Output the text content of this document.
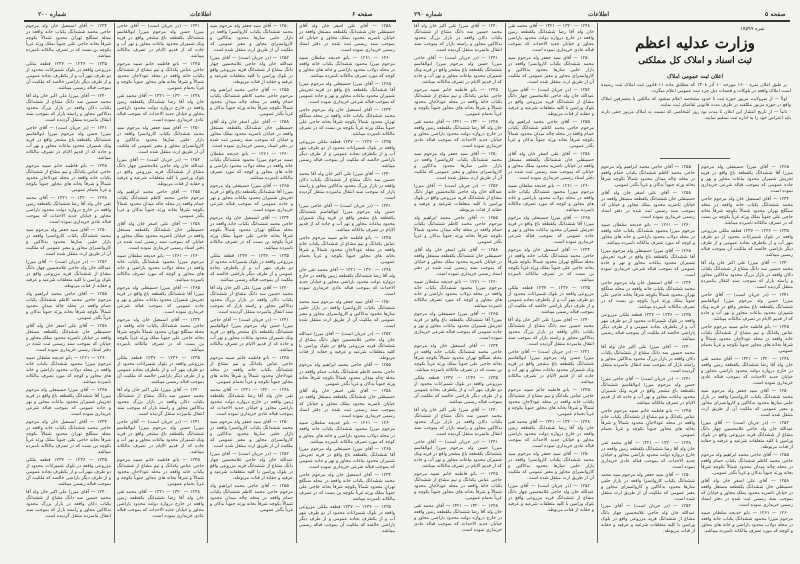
شماره ۲۰۰	اطلاعات	صفحه ۶	شماره ۲۹۰	اطلاعات	صفحه ۵

۱۲۳۴ — آقای اسمعیل خان ولد مرحوم حاجی محمد ششدانگ یکباب خانه واقعه در محله سنگلج تهران محدود شمالاً بکوچه شرقاً بخانه حاجی علی جنوباً بملک ورثه غرباً بکوچه بن بست که در تصرف مالکانه نامبرده میباشد.

۱۲۳۵ — ۱۲۳۶ — ۱۲۳۷ قطعه ملکی مزروعی واقعه در بلوک شمیرانات محدود از دو طرف بنهر آب و از یکطرف بجاده عمومی و از طرف دیگر باراضی خالصه که ملکیت آن بموجب قباله رسمی میباشد.

۱۲۴۰ — آقای میرزا علی اکبر خان ولد آقا محمد حسین سه دانگ مشاع از ششدانگ یکباب دکان واقعه در بازار بزرگ محدود بدکاکین مجاور و راسته بازار که بموجب سند انتقال بنامبرده منتقل گردیده است.

۱۲۴۱ — (در جریان است) — آقای حاجی میرزا حسن ولد مرحوم میرزا ابوالقاسم ششدانگ یکقطعه باغ مشجر واقع در قریه ونک شمیران محدود بباغات مجاور و نهر آب و جاده که از قدیم الایام در تصرف مالکانه میباشد.

۱۲۴۵ — بانو فاطمه خانم صبیه مرحوم حاجی عباس یکدانگ و نیم مشاع از ششدانگ یکباب خانه واقعه در محله عودلاجان محدود شمالاً و شرقاً بخانه های مجاور جنوباً بکوچه و غرباً بحمام عمومی.

۱۲۴۸ — ۱۳۲۰ — ۱۳۲۱ — آقای محمد تقی خان ولد آقا رضا ششدانگ یکقطعه زمین واقعه در خارج دروازه دولت محدود باراضی مجاور و خیابان جدید الاحداث که بموجب قباله عادی خریداری نموده است.

۱۲۵۰ — آقای سید جعفر ولد مرحوم سید محمد ششدانگ یکباب کاروانسرا واقعه در بازار حلبی سازها محدود بدکاکین و کاروانسرای مجاور و معبر عمومی که ملکیت آن از طریق ارث منتقل شده است.

۱۲۵۲ — (در جریان است) — آقای میرزا عبدالله خان ولد حاجی غلامحسین چهار دانگ مشاع از ششدانگ قریه مزروعی واقع در بلوک ورامین با کلیه متعلقات شرعیه و عرفیه و حقابه از قنات مربوطه.

۱۲۵۵ — آقای حاجی محمد ابراهیم ولد مرحوم حاجی محمد کاظم ششدانگ یکباب حمام واقعه در محله چاله میدان محدود شمالاً بکوچه شرقاً بخانه ورثه جنوباً بدکان و غرباً بگذر عمومی.

۱۲۵۸ — آقای علی اصغر خان ولد آقای حسینقلی خان ششدانگ یکقطعه مستغل واقعه در خیابان ناصریه محدود بملک مجاور و خیابان که بموجب سند رسمی ثبت شده در دفتر اسناد رسمی خریداری نموده است.

۱۲۶۰ — ۱۲۶۱ — بانو خدیجه سلطان صبیه مرحوم میرزا محمود ششدانگ یکباب خانه واقعه در محله دولاب محدود باراضی و خانه های مجاور و کوچه که مورد تصرف مالکانه نامبرده میباشد.

۱۲۶۵ — آقای میرزا حسینعلی ولد مرحوم میرزا آقا ششدانگ یکقطعه باغ واقع در قریه تجریش شمیران محدود بباغات مجاور و نهر و جاده عمومی که بموجب قباله شرعی خریداری نموده است.

۱۲۳۴ — آقای اسمعیل خان ولد مرحوم حاجی محمد ششدانگ یکباب خانه واقعه در محله سنگلج تهران محدود شمالاً بکوچه شرقاً بخانه حاجی علی جنوباً بملک ورثه غرباً بکوچه بن بست که در تصرف مالکانه نامبرده میباشد.

۱۲۳۵ — ۱۲۳۶ — ۱۲۳۷ قطعه ملکی مزروعی واقعه در بلوک شمیرانات محدود از دو طرف بنهر آب و از یکطرف بجاده عمومی و از طرف دیگر باراضی خالصه که ملکیت آن بموجب قباله رسمی میباشد.

۱۲۴۰ — آقای میرزا علی اکبر خان ولد آقا محمد حسین سه دانگ مشاع از ششدانگ یکباب دکان واقعه در بازار بزرگ محدود بدکاکین مجاور و راسته بازار که بموجب سند انتقال بنامبرده منتقل گردیده است.

۱۲۴۱ — (در جریان است) — آقای حاجی میرزا حسن ولد مرحوم میرزا ابوالقاسم ششدانگ یکقطعه باغ مشجر واقع در قریه ونک شمیران محدود بباغات مجاور و نهر آب و جاده که از قدیم الایام در تصرف مالکانه میباشد.

۱۲۴۵ — بانو فاطمه خانم صبیه مرحوم حاجی عباس یکدانگ و نیم مشاع از ششدانگ یکباب خانه واقعه در محله عودلاجان محدود شمالاً و شرقاً بخانه های مجاور جنوباً بکوچه و غرباً بحمام عمومی.

۱۲۴۸ — ۱۳۲۰ — ۱۳۲۱ — آقای محمد تقی خان ولد آقا رضا ششدانگ یکقطعه زمین واقعه در خارج دروازه دولت محدود باراضی مجاور و خیابان جدید الاحداث که بموجب قباله عادی خریداری نموده است.

۱۲۵۰ — آقای سید جعفر ولد مرحوم سید محمد ششدانگ یکباب کاروانسرا واقعه در بازار حلبی سازها محدود بدکاکین و کاروانسرای مجاور و معبر عمومی که ملکیت آن از طریق ارث منتقل شده است.

۱۲۵۲ — (در جریان است) — آقای میرزا عبدالله خان ولد حاجی غلامحسین چهار دانگ مشاع از ششدانگ قریه مزروعی واقع در بلوک ورامین با کلیه متعلقات شرعیه و عرفیه و حقابه از قنات مربوطه.

۱۲۵۵ — آقای حاجی محمد ابراهیم ولد مرحوم حاجی محمد کاظم ششدانگ یکباب حمام واقعه در محله چاله میدان محدود شمالاً بکوچه شرقاً بخانه ورثه جنوباً بدکان و غرباً بگذر عمومی.

۱۲۵۸ — آقای علی اصغر خان ولد آقای حسینقلی خان ششدانگ یکقطعه مستغل واقعه در خیابان ناصریه محدود بملک مجاور و خیابان که بموجب سند رسمی ثبت شده در دفتر اسناد رسمی خریداری نموده است.

۱۲۶۰ — ۱۲۶۱ — بانو خدیجه سلطان صبیه مرحوم میرزا محمود ششدانگ یکباب خانه واقعه در محله دولاب محدود باراضی و خانه های مجاور و کوچه که مورد تصرف مالکانه نامبرده میباشد.

۱۲۶۵ — آقای میرزا حسینعلی ولد مرحوم میرزا آقا ششدانگ یکقطعه باغ واقع در قریه تجریش شمیران محدود بباغات مجاور و نهر و جاده عمومی که بموجب قباله شرعی خریداری نموده است.

۱۲۳۴ — آقای اسمعیل خان ولد مرحوم حاجی محمد ششدانگ یکباب خانه واقعه در محله سنگلج تهران محدود شمالاً بکوچه شرقاً بخانه حاجی علی جنوباً بملک ورثه غرباً بکوچه بن بست که در تصرف مالکانه نامبرده میباشد.

۱۲۳۵ — ۱۲۳۶ — ۱۲۳۷ قطعه ملکی مزروعی واقعه در بلوک شمیرانات محدود از دو طرف بنهر آب و از یکطرف بجاده عمومی و از طرف دیگر باراضی خالصه که ملکیت آن بموجب قباله رسمی میباشد.

۱۲۴۰ — آقای میرزا علی اکبر خان ولد آقا محمد حسین سه دانگ مشاع از ششدانگ یکباب دکان واقعه در بازار بزرگ محدود بدکاکین مجاور و راسته بازار که بموجب سند انتقال بنامبرده منتقل گردیده است.

۱۲۴۱ — (در جریان است) — آقای حاجی میرزا حسن ولد مرحوم میرزا ابوالقاسم ششدانگ یکقطعه باغ مشجر واقع در قریه ونک شمیران محدود بباغات مجاور و نهر آب و جاده که از قدیم الایام در تصرف مالکانه میباشد.

۱۲۴۵ — بانو فاطمه خانم صبیه مرحوم حاجی عباس یکدانگ و نیم مشاع از ششدانگ یکباب خانه واقعه در محله عودلاجان محدود شمالاً و شرقاً بخانه های مجاور جنوباً بکوچه و غرباً بحمام عمومی.

۱۲۴۸ — ۱۳۲۰ — ۱۳۲۱ — آقای محمد تقی خان ولد آقا رضا ششدانگ یکقطعه زمین واقعه در خارج دروازه دولت محدود باراضی مجاور و خیابان جدید الاحداث که بموجب قباله عادی خریداری نموده است.

۱۲۵۰ — آقای سید جعفر ولد مرحوم سید محمد ششدانگ یکباب کاروانسرا واقعه در بازار حلبی سازها محدود بدکاکین و کاروانسرای مجاور و معبر عمومی که ملکیت آن از طریق ارث منتقل شده است.

۱۲۵۲ — (در جریان است) — آقای میرزا عبدالله خان ولد حاجی غلامحسین چهار دانگ مشاع از ششدانگ قریه مزروعی واقع در بلوک ورامین با کلیه متعلقات شرعیه و عرفیه و حقابه از قنات مربوطه.

۱۲۵۵ — آقای حاجی محمد ابراهیم ولد مرحوم حاجی محمد کاظم ششدانگ یکباب حمام واقعه در محله چاله میدان محدود شمالاً بکوچه شرقاً بخانه ورثه جنوباً بدکان و غرباً بگذر عمومی.

۱۲۵۸ — آقای علی اصغر خان ولد آقای حسینقلی خان ششدانگ یکقطعه مستغل واقعه در خیابان ناصریه محدود بملک مجاور و خیابان که بموجب سند رسمی ثبت شده در دفتر اسناد رسمی خریداری نموده است.

۱۲۶۰ — ۱۲۶۱ — بانو خدیجه سلطان صبیه مرحوم میرزا محمود ششدانگ یکباب خانه واقعه در محله دولاب محدود باراضی و خانه های مجاور و کوچه که مورد تصرف مالکانه نامبرده میباشد.

۱۲۶۵ — آقای میرزا حسینعلی ولد مرحوم میرزا آقا ششدانگ یکقطعه باغ واقع در قریه تجریش شمیران محدود بباغات مجاور و نهر و جاده عمومی که بموجب قباله شرعی خریداری نموده است.

۱۲۳۴ — آقای اسمعیل خان ولد مرحوم حاجی محمد ششدانگ یکباب خانه واقعه در محله سنگلج تهران محدود شمالاً بکوچه شرقاً بخانه حاجی علی جنوباً بملک ورثه غرباً بکوچه بن بست که در تصرف مالکانه نامبرده میباشد.

۱۲۳۵ — ۱۲۳۶ — ۱۲۳۷ قطعه ملکی مزروعی واقعه در بلوک شمیرانات محدود از دو طرف بنهر آب و از یکطرف بجاده عمومی و از طرف دیگر باراضی خالصه که ملکیت آن بموجب قباله رسمی میباشد.

۱۲۴۰ — آقای میرزا علی اکبر خان ولد آقا محمد حسین سه دانگ مشاع از ششدانگ یکباب دکان واقعه در بازار بزرگ محدود بدکاکین مجاور و راسته بازار که بموجب سند انتقال بنامبرده منتقل گردیده است.

۱۲۴۱ — (در جریان است) — آقای حاجی میرزا حسن ولد مرحوم میرزا ابوالقاسم ششدانگ یکقطعه باغ مشجر واقع در قریه ونک شمیران محدود بباغات مجاور و نهر آب و جاده که از قدیم الایام در تصرف مالکانه میباشد.

۱۲۴۵ — بانو فاطمه خانم صبیه مرحوم حاجی عباس یکدانگ و نیم مشاع از ششدانگ یکباب خانه واقعه در محله عودلاجان محدود شمالاً و شرقاً بخانه های مجاور جنوباً بکوچه و غرباً بحمام عمومی.

۱۲۴۸ — ۱۳۲۰ — ۱۳۲۱ — آقای محمد تقی خان ولد آقا رضا ششدانگ یکقطعه زمین واقعه در خارج دروازه دولت محدود باراضی مجاور و خیابان جدید الاحداث که بموجب قباله عادی خریداری نموده است.

۱۲۵۰ — آقای سید جعفر ولد مرحوم سید محمد ششدانگ یکباب کاروانسرا واقعه در بازار حلبی سازها محدود بدکاکین و کاروانسرای مجاور و معبر عمومی که ملکیت آن از طریق ارث منتقل شده است.

۱۲۵۲ — (در جریان است) — آقای میرزا عبدالله خان ولد حاجی غلامحسین چهار دانگ مشاع از ششدانگ قریه مزروعی واقع در بلوک ورامین با کلیه متعلقات شرعیه و عرفیه و حقابه از قنات مربوطه.

۱۲۵۵ — آقای حاجی محمد ابراهیم ولد مرحوم حاجی محمد کاظم ششدانگ یکباب حمام واقعه در محله چاله میدان محدود شمالاً بکوچه شرقاً بخانه ورثه جنوباً بدکان و غرباً بگذر عمومی.

۱۲۵۸ — آقای علی اصغر خان ولد آقای حسینقلی خان ششدانگ یکقطعه مستغل واقعه در خیابان ناصریه محدود بملک مجاور و خیابان که بموجب سند رسمی ثبت شده در دفتر اسناد رسمی خریداری نموده است.

۱۲۶۰ — ۱۲۶۱ — بانو خدیجه سلطان صبیه مرحوم میرزا محمود ششدانگ یکباب خانه واقعه در محله دولاب محدود باراضی و خانه های مجاور و کوچه که مورد تصرف مالکانه نامبرده میباشد.

۱۲۶۵ — آقای میرزا حسینعلی ولد مرحوم میرزا آقا ششدانگ یکقطعه باغ واقع در قریه تجریش شمیران محدود بباغات مجاور و نهر و جاده عمومی که بموجب قباله شرعی خریداری نموده است.

۱۲۳۴ — آقای اسمعیل خان ولد مرحوم حاجی محمد ششدانگ یکباب خانه واقعه در محله سنگلج تهران محدود شمالاً بکوچه شرقاً بخانه حاجی علی جنوباً بملک ورثه غرباً بکوچه بن بست که در تصرف مالکانه نامبرده میباشد.

۱۲۳۵ — ۱۲۳۶ — ۱۲۳۷ قطعه ملکی مزروعی واقعه در بلوک شمیرانات محدود از دو طرف بنهر آب و از یکطرف بجاده عمومی و از طرف دیگر باراضی خالصه که ملکیت آن بموجب قباله رسمی میباشد.

۱۲۴۰ — آقای میرزا علی اکبر خان ولد آقا محمد حسین سه دانگ مشاع از ششدانگ یکباب دکان واقعه در بازار بزرگ محدود بدکاکین مجاور و راسته بازار که بموجب سند انتقال بنامبرده منتقل گردیده است.

۱۲۴۱ — (در جریان است) — آقای حاجی میرزا حسن ولد مرحوم میرزا ابوالقاسم ششدانگ یکقطعه باغ مشجر واقع در قریه ونک شمیران محدود بباغات مجاور و نهر آب و جاده که از قدیم الایام در تصرف مالکانه میباشد.

۱۲۴۵ — بانو فاطمه خانم صبیه مرحوم حاجی عباس یکدانگ و نیم مشاع از ششدانگ یکباب خانه واقعه در محله عودلاجان محدود شمالاً و شرقاً بخانه های مجاور جنوباً بکوچه و غرباً بحمام عمومی.

۱۲۴۸ — ۱۳۲۰ — ۱۳۲۱ — آقای محمد تقی خان ولد آقا رضا ششدانگ یکقطعه زمین واقعه در خارج دروازه دولت محدود باراضی مجاور و خیابان جدید الاحداث که بموجب قباله عادی خریداری نموده است.

۱۲۵۰ — آقای سید جعفر ولد مرحوم سید محمد ششدانگ یکباب کاروانسرا واقعه در بازار حلبی سازها محدود بدکاکین و کاروانسرای مجاور و معبر عمومی که ملکیت آن از طریق ارث منتقل شده است.

۱۲۵۲ — (در جریان است) — آقای میرزا عبدالله خان ولد حاجی غلامحسین چهار دانگ مشاع از ششدانگ قریه مزروعی واقع در بلوک ورامین با کلیه متعلقات شرعیه و عرفیه و حقابه از قنات مربوطه.

۱۲۵۵ — آقای حاجی محمد ابراهیم ولد مرحوم حاجی محمد کاظم ششدانگ یکباب حمام واقعه در محله چاله میدان محدود شمالاً بکوچه شرقاً بخانه ورثه جنوباً بدکان و غرباً بگذر عمومی.

۱۲۵۸ — آقای علی اصغر خان ولد آقای حسینقلی خان ششدانگ یکقطعه مستغل واقعه در خیابان ناصریه محدود بملک مجاور و خیابان که بموجب سند رسمی ثبت شده در دفتر اسناد رسمی خریداری نموده است.

۱۲۶۰ — ۱۲۶۱ — بانو خدیجه سلطان صبیه مرحوم میرزا محمود ششدانگ یکباب خانه واقعه در محله دولاب محدود باراضی و خانه های مجاور و کوچه که مورد تصرف مالکانه نامبرده میباشد.

۱۲۶۵ — آقای میرزا حسینعلی ولد مرحوم میرزا آقا ششدانگ یکقطعه باغ واقع در قریه تجریش شمیران محدود بباغات مجاور و نهر و جاده عمومی که بموجب قباله شرعی خریداری نموده است.

۱۲۳۴ — آقای اسمعیل خان ولد مرحوم حاجی محمد ششدانگ یکباب خانه واقعه در محله سنگلج تهران محدود شمالاً بکوچه شرقاً بخانه حاجی علی جنوباً بملک ورثه غرباً بکوچه بن بست که در تصرف مالکانه نامبرده میباشد.

۱۲۳۵ — ۱۲۳۶ — ۱۲۳۷ قطعه ملکی مزروعی واقعه در بلوک شمیرانات محدود از دو طرف بنهر آب و از یکطرف بجاده عمومی و از طرف دیگر باراضی خالصه که ملکیت آن بموجب قباله رسمی میباشد.

۱۲۴۰ — آقای میرزا علی اکبر خان ولد آقا محمد حسین سه دانگ مشاع از ششدانگ یکباب دکان واقعه در بازار بزرگ محدود بدکاکین مجاور و راسته بازار که بموجب سند انتقال بنامبرده منتقل گردیده است.

۱۲۴۱ — (در جریان است) — آقای حاجی میرزا حسن ولد مرحوم میرزا ابوالقاسم ششدانگ یکقطعه باغ مشجر واقع در قریه ونک شمیران محدود بباغات مجاور و نهر آب و جاده که از قدیم الایام در تصرف مالکانه میباشد.

۱۲۴۵ — بانو فاطمه خانم صبیه مرحوم حاجی عباس یکدانگ و نیم مشاع از ششدانگ یکباب خانه واقعه در محله عودلاجان محدود شمالاً و شرقاً بخانه های مجاور جنوباً بکوچه و غرباً بحمام عمومی.

۱۲۴۸ — ۱۳۲۰ — ۱۳۲۱ — آقای محمد تقی خان ولد آقا رضا ششدانگ یکقطعه زمین واقعه در خارج دروازه دولت محدود باراضی مجاور و خیابان جدید الاحداث که بموجب قباله عادی خریداری نموده است.

۱۲۵۰ — آقای سید جعفر ولد مرحوم سید محمد ششدانگ یکباب کاروانسرا واقعه در بازار حلبی سازها محدود بدکاکین و کاروانسرای مجاور و معبر عمومی که ملکیت آن از طریق ارث منتقل شده است.

۱۲۵۲ — (در جریان است) — آقای میرزا عبدالله خان ولد حاجی غلامحسین چهار دانگ مشاع از ششدانگ قریه مزروعی واقع در بلوک ورامین با کلیه متعلقات شرعیه و عرفیه و حقابه از قنات مربوطه.

۱۲۵۵ — آقای حاجی محمد ابراهیم ولد مرحوم حاجی محمد کاظم ششدانگ یکباب حمام واقعه در محله چاله میدان محدود شمالاً بکوچه شرقاً بخانه ورثه جنوباً بدکان و غرباً بگذر عمومی.

۱۲۵۸ — آقای علی اصغر خان ولد آقای حسینقلی خان ششدانگ یکقطعه مستغل واقعه در خیابان ناصریه محدود بملک مجاور و خیابان که بموجب سند رسمی ثبت شده در دفتر اسناد رسمی خریداری نموده است.

۱۲۶۰ — ۱۲۶۱ — بانو خدیجه سلطان صبیه مرحوم میرزا محمود ششدانگ یکباب خانه واقعه در محله دولاب محدود باراضی و خانه های مجاور و کوچه که مورد تصرف مالکانه نامبرده میباشد.

۱۲۶۵ — آقای میرزا حسینعلی ولد مرحوم میرزا آقا ششدانگ یکقطعه باغ واقع در قریه تجریش شمیران محدود بباغات مجاور و نهر و جاده عمومی که بموجب قباله شرعی خریداری نموده است.

۱۲۳۴ — آقای اسمعیل خان ولد مرحوم حاجی محمد ششدانگ یکباب خانه واقعه در محله سنگلج تهران محدود شمالاً بکوچه شرقاً بخانه حاجی علی جنوباً بملک ورثه غرباً بکوچه بن بست که در تصرف مالکانه نامبرده میباشد.

۱۲۳۵ — ۱۲۳۶ — ۱۲۳۷ قطعه ملکی مزروعی واقعه در بلوک شمیرانات محدود از دو طرف بنهر آب و از یکطرف بجاده عمومی و از طرف دیگر باراضی خالصه که ملکیت آن بموجب قباله رسمی میباشد.

۱۲۴۰ — آقای میرزا علی اکبر خان ولد آقا محمد حسین سه دانگ مشاع از ششدانگ یکباب دکان واقعه در بازار بزرگ محدود بدکاکین مجاور و راسته بازار که بموجب سند انتقال بنامبرده منتقل گردیده است.

۱۲۴۱ — (در جریان است) — آقای حاجی میرزا حسن ولد مرحوم میرزا ابوالقاسم ششدانگ یکقطعه باغ مشجر واقع در قریه ونک شمیران محدود بباغات مجاور و نهر آب و جاده که از قدیم الایام در تصرف مالکانه میباشد.

۱۲۴۵ — بانو فاطمه خانم صبیه مرحوم حاجی عباس یکدانگ و نیم مشاع از ششدانگ یکباب خانه واقعه در محله عودلاجان محدود شمالاً و شرقاً بخانه های مجاور جنوباً بکوچه و غرباً بحمام عمومی.

۱۲۴۸ — ۱۳۲۰ — ۱۳۲۱ — آقای محمد تقی خان ولد آقا رضا ششدانگ یکقطعه زمین واقعه در خارج دروازه دولت محدود باراضی مجاور و خیابان جدید الاحداث که بموجب قباله عادی خریداری نموده است.

۱۲۴۸ — ۱۳۲۰ — ۱۳۲۱ — آقای محمد تقی خان ولد آقا رضا ششدانگ یکقطعه زمین واقعه در خارج دروازه دولت محدود باراضی مجاور و خیابان جدید الاحداث که بموجب قباله عادی خریداری نموده است.

۱۲۵۰ — آقای سید جعفر ولد مرحوم سید محمد ششدانگ یکباب کاروانسرا واقعه در بازار حلبی سازها محدود بدکاکین و کاروانسرای مجاور و معبر عمومی که ملکیت آن از طریق ارث منتقل شده است.

۱۲۵۲ — (در جریان است) — آقای میرزا عبدالله خان ولد حاجی غلامحسین چهار دانگ مشاع از ششدانگ قریه مزروعی واقع در بلوک ورامین با کلیه متعلقات شرعیه و عرفیه و حقابه از قنات مربوطه.

۱۲۵۵ — آقای حاجی محمد ابراهیم ولد مرحوم حاجی محمد کاظم ششدانگ یکباب حمام واقعه در محله چاله میدان محدود شمالاً بکوچه شرقاً بخانه ورثه جنوباً بدکان و غرباً بگذر عمومی.

۱۲۵۸ — آقای علی اصغر خان ولد آقای حسینقلی خان ششدانگ یکقطعه مستغل واقعه در خیابان ناصریه محدود بملک مجاور و خیابان که بموجب سند رسمی ثبت شده در دفتر اسناد رسمی خریداری نموده است.

۱۲۶۰ — ۱۲۶۱ — بانو خدیجه سلطان صبیه مرحوم میرزا محمود ششدانگ یکباب خانه واقعه در محله دولاب محدود باراضی و خانه های مجاور و کوچه که مورد تصرف مالکانه نامبرده میباشد.

۱۲۶۵ — آقای میرزا حسینعلی ولد مرحوم میرزا آقا ششدانگ یکقطعه باغ واقع در قریه تجریش شمیران محدود بباغات مجاور و نهر و جاده عمومی که بموجب قباله شرعی خریداری نموده است.

۱۲۳۴ — آقای اسمعیل خان ولد مرحوم حاجی محمد ششدانگ یکباب خانه واقعه در محله سنگلج تهران محدود شمالاً بکوچه شرقاً بخانه حاجی علی جنوباً بملک ورثه غرباً بکوچه بن بست که در تصرف مالکانه نامبرده میباشد.

۱۲۳۵ — ۱۲۳۶ — ۱۲۳۷ قطعه ملکی مزروعی واقعه در بلوک شمیرانات محدود از دو طرف بنهر آب و از یکطرف بجاده عمومی و از طرف دیگر باراضی خالصه که ملکیت آن بموجب قباله رسمی میباشد.

۱۲۴۰ — آقای میرزا علی اکبر خان ولد آقا محمد حسین سه دانگ مشاع از ششدانگ یکباب دکان واقعه در بازار بزرگ محدود بدکاکین مجاور و راسته بازار که بموجب سند انتقال بنامبرده منتقل گردیده است.

۱۲۴۱ — (در جریان است) — آقای حاجی میرزا حسن ولد مرحوم میرزا ابوالقاسم ششدانگ یکقطعه باغ مشجر واقع در قریه ونک شمیران محدود بباغات مجاور و نهر آب و جاده که از قدیم الایام در تصرف مالکانه میباشد.

۱۲۴۵ — بانو فاطمه خانم صبیه مرحوم حاجی عباس یکدانگ و نیم مشاع از ششدانگ یکباب خانه واقعه در محله عودلاجان محدود شمالاً و شرقاً بخانه های مجاور جنوباً بکوچه و غرباً بحمام عمومی.

۱۲۴۸ — ۱۳۲۰ — ۱۳۲۱ — آقای محمد تقی خان ولد آقا رضا ششدانگ یکقطعه زمین واقعه در خارج دروازه دولت محدود باراضی مجاور و خیابان جدید الاحداث که بموجب قباله عادی خریداری نموده است.

۱۲۵۰ — آقای سید جعفر ولد مرحوم سید محمد ششدانگ یکباب کاروانسرا واقعه در بازار حلبی سازها محدود بدکاکین و کاروانسرای مجاور و معبر عمومی که ملکیت آن از طریق ارث منتقل شده است.

۱۲۵۲ — (در جریان است) — آقای میرزا عبدالله خان ولد حاجی غلامحسین چهار دانگ مشاع از ششدانگ قریه مزروعی واقع در بلوک ورامین با کلیه متعلقات شرعیه و عرفیه و حقابه از قنات مربوطه.

نمره ۱۷۵۹۹
وزارت عدلیه اعظم
ثبت اسناد و املاک کل مملکتی
اعلان ثبت عمومی املاک

بر طبق اعلان نمره ۱۶۰۰ مورخه ۱۰ آذر ۱۳۰۸ که مطابق ماده ۱۱ قانون ثبت املاک ثبت رسیده است املاک واقعه در بلوکات و قصبات ذیل جزء ثبت عمومی اعلام میگردد.

اولاً — از سرولایت مزبور حوزه ثبت تا حدود مشخصه اعلام میشود که مالکین با متصرفین املاک واقع در حوزه مزبور مکلفند در ظرف مدت قانونی تقاضای ثبت نمایند.

ثانیاً — از تاریخ انتشار این اعلان تا مدت نود روز اشخاصی که نسبت به املاک مزبور حقی دارند باید اعتراض خود را به اداره ثبت تسلیم نمایند.

۱۲۵۵ — آقای حاجی محمد ابراهیم ولد مرحوم حاجی محمد کاظم ششدانگ یکباب حمام واقعه در محله چاله میدان محدود شمالاً بکوچه شرقاً بخانه ورثه جنوباً بدکان و غرباً بگذر عمومی.

۱۲۵۸ — آقای علی اصغر خان ولد آقای حسینقلی خان ششدانگ یکقطعه مستغل واقعه در خیابان ناصریه محدود بملک مجاور و خیابان که بموجب سند رسمی ثبت شده در دفتر اسناد رسمی خریداری نموده است.

۱۲۶۰ — ۱۲۶۱ — بانو خدیجه سلطان صبیه مرحوم میرزا محمود ششدانگ یکباب خانه واقعه در محله دولاب محدود باراضی و خانه های مجاور و کوچه که مورد تصرف مالکانه نامبرده میباشد.

۱۲۶۵ — آقای میرزا حسینعلی ولد مرحوم میرزا آقا ششدانگ یکقطعه باغ واقع در قریه تجریش شمیران محدود بباغات مجاور و نهر و جاده عمومی که بموجب قباله شرعی خریداری نموده است.

۱۲۳۴ — آقای اسمعیل خان ولد مرحوم حاجی محمد ششدانگ یکباب خانه واقعه در محله سنگلج تهران محدود شمالاً بکوچه شرقاً بخانه حاجی علی جنوباً بملک ورثه غرباً بکوچه بن بست که در تصرف مالکانه نامبرده میباشد.

۱۲۳۵ — ۱۲۳۶ — ۱۲۳۷ قطعه ملکی مزروعی واقعه در بلوک شمیرانات محدود از دو طرف بنهر آب و از یکطرف بجاده عمومی و از طرف دیگر باراضی خالصه که ملکیت آن بموجب قباله رسمی میباشد.

۱۲۴۰ — آقای میرزا علی اکبر خان ولد آقا محمد حسین سه دانگ مشاع از ششدانگ یکباب دکان واقعه در بازار بزرگ محدود بدکاکین مجاور و راسته بازار که بموجب سند انتقال بنامبرده منتقل گردیده است.

۱۲۴۱ — (در جریان است) — آقای حاجی میرزا حسن ولد مرحوم میرزا ابوالقاسم ششدانگ یکقطعه باغ مشجر واقع در قریه ونک شمیران محدود بباغات مجاور و نهر آب و جاده که از قدیم الایام در تصرف مالکانه میباشد.

۱۲۴۵ — بانو فاطمه خانم صبیه مرحوم حاجی عباس یکدانگ و نیم مشاع از ششدانگ یکباب خانه واقعه در محله عودلاجان محدود شمالاً و شرقاً بخانه های مجاور جنوباً بکوچه و غرباً بحمام عمومی.

۱۲۴۸ — ۱۳۲۰ — ۱۳۲۱ — آقای محمد تقی خان ولد آقا رضا ششدانگ یکقطعه زمین واقعه در خارج دروازه دولت محدود باراضی مجاور و خیابان جدید الاحداث که بموجب قباله عادی خریداری نموده است.

۱۲۵۰ — آقای سید جعفر ولد مرحوم سید محمد ششدانگ یکباب کاروانسرا واقعه در بازار حلبی سازها محدود بدکاکین و کاروانسرای مجاور و معبر عمومی که ملکیت آن از طریق ارث منتقل شده است.

۱۲۵۲ — (در جریان است) — آقای میرزا عبدالله خان ولد حاجی غلامحسین چهار دانگ مشاع از ششدانگ قریه مزروعی واقع در بلوک ورامین با کلیه متعلقات شرعیه و عرفیه و حقابه از قنات مربوطه.

۱۲۶۵ — آقای میرزا حسینعلی ولد مرحوم میرزا آقا ششدانگ یکقطعه باغ واقع در قریه تجریش شمیران محدود بباغات مجاور و نهر و جاده عمومی که بموجب قباله شرعی خریداری نموده است.

۱۲۳۴ — آقای اسمعیل خان ولد مرحوم حاجی محمد ششدانگ یکباب خانه واقعه در محله سنگلج تهران محدود شمالاً بکوچه شرقاً بخانه حاجی علی جنوباً بملک ورثه غرباً بکوچه بن بست که در تصرف مالکانه نامبرده میباشد.

۱۲۳۵ — ۱۲۳۶ — ۱۲۳۷ قطعه ملکی مزروعی واقعه در بلوک شمیرانات محدود از دو طرف بنهر آب و از یکطرف بجاده عمومی و از طرف دیگر باراضی خالصه که ملکیت آن بموجب قباله رسمی میباشد.

۱۲۴۰ — آقای میرزا علی اکبر خان ولد آقا محمد حسین سه دانگ مشاع از ششدانگ یکباب دکان واقعه در بازار بزرگ محدود بدکاکین مجاور و راسته بازار که بموجب سند انتقال بنامبرده منتقل گردیده است.

۱۲۴۱ — (در جریان است) — آقای حاجی میرزا حسن ولد مرحوم میرزا ابوالقاسم ششدانگ یکقطعه باغ مشجر واقع در قریه ونک شمیران محدود بباغات مجاور و نهر آب و جاده که از قدیم الایام در تصرف مالکانه میباشد.

۱۲۴۵ — بانو فاطمه خانم صبیه مرحوم حاجی عباس یکدانگ و نیم مشاع از ششدانگ یکباب خانه واقعه در محله عودلاجان محدود شمالاً و شرقاً بخانه های مجاور جنوباً بکوچه و غرباً بحمام عمومی.

۱۲۴۸ — ۱۳۲۰ — ۱۳۲۱ — آقای محمد تقی خان ولد آقا رضا ششدانگ یکقطعه زمین واقعه در خارج دروازه دولت محدود باراضی مجاور و خیابان جدید الاحداث که بموجب قباله عادی خریداری نموده است.

۱۲۵۰ — آقای سید جعفر ولد مرحوم سید محمد ششدانگ یکباب کاروانسرا واقعه در بازار حلبی سازها محدود بدکاکین و کاروانسرای مجاور و معبر عمومی که ملکیت آن از طریق ارث منتقل شده است.

۱۲۵۲ — (در جریان است) — آقای میرزا عبدالله خان ولد حاجی غلامحسین چهار دانگ مشاع از ششدانگ قریه مزروعی واقع در بلوک ورامین با کلیه متعلقات شرعیه و عرفیه و حقابه از قنات مربوطه.

۱۲۵۵ — آقای حاجی محمد ابراهیم ولد مرحوم حاجی محمد کاظم ششدانگ یکباب حمام واقعه در محله چاله میدان محدود شمالاً بکوچه شرقاً بخانه ورثه جنوباً بدکان و غرباً بگذر عمومی.

۱۲۵۸ — آقای علی اصغر خان ولد آقای حسینقلی خان ششدانگ یکقطعه مستغل واقعه در خیابان ناصریه محدود بملک مجاور و خیابان که بموجب سند رسمی ثبت شده در دفتر اسناد رسمی خریداری نموده است.

۱۲۶۰ — ۱۲۶۱ — بانو خدیجه سلطان صبیه مرحوم میرزا محمود ششدانگ یکباب خانه واقعه در محله دولاب محدود باراضی و خانه های مجاور و کوچه که مورد تصرف مالکانه نامبرده میباشد.
